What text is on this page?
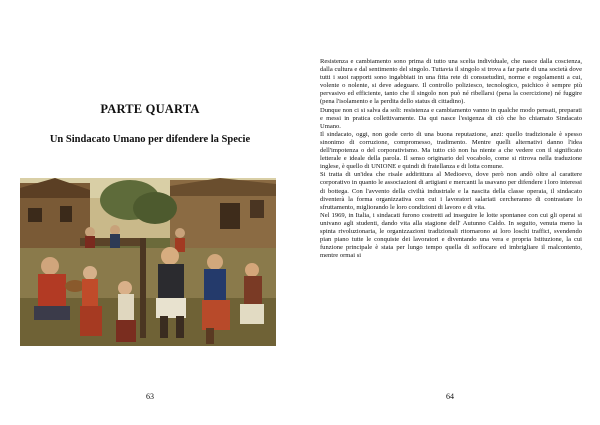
PARTE QUARTA
Un Sindacato Umano per difendere la Specie
63

Resistenza e cambiamento sono prima di tutto una scelta individuale, che nasce dalla coscienza, dalla cultura e dal sentimento del singolo. Tuttavia il singolo si trova a far parte di una società dove tutti i suoi rapporti sono ingabbiati in una fitta rete di consuetudini, norme e regolamenti a cui, volente o nolente, si deve adeguare. Il controllo poliziesco, tecnologico, psichico è sempre più pervasivo ed efficiente, tanto che il singolo non può né ribellarsi (pena la coercizione) né fuggire (pena l'isolamento e la perdita dello status di cittadino).

Dunque non ci si salva da soli: resistenza e cambiamento vanno in qualche modo pensati, preparati e messi in pratica collettivamente. Da qui nasce l'esigenza di ciò che ho chiamato Sindacato Umano.

Il sindacato, oggi, non gode certo di una buona reputazione, anzi: quello tradizionale è spesso sinonimo di corruzione, compromesso, tradimento. Mentre quelli alternativi danno l'idea dell'impotenza o del corporativismo. Ma tutto ciò non ha niente a che vedere con il significato letterale e ideale della parola. Il senso originario del vocabolo, come si ritrova nella traduzione inglese, è quello di UNIONE e quindi di fratellanza e di lotta comune.

Si tratta di un'idea che risale addirittura al Medioevo, dove però non andò oltre al carattere corporativo in quanto le associazioni di artigiani e mercanti la usavano per difendere i loro interessi di bottega. Con l'avvento della civiltà industriale e la nascita della classe operaia, il sindacato diventerà la forma organizzativa con cui i lavoratori salariati cercheranno di contrastare lo sfruttamento, migliorando le loro condizioni di lavoro e di vita.

Nel 1969, in Italia, i sindacati furono costretti ad inseguire le lotte spontanee con cui gli operai si univano agli studenti, dando vita alla stagione dell' Autunno Caldo. In seguito, venuta meno la spinta rivoluzionaria, le organizzazioni tradizionali ritornarono ai loro loschi traffici, svendendo pian piano tutte le conquiste dei lavoratori e diventando una vera e propria Istituzione, la cui funzione principale è stata per lungo tempo quella di soffocare ed imbrigliare il malcontento, mentre ormai si

64
